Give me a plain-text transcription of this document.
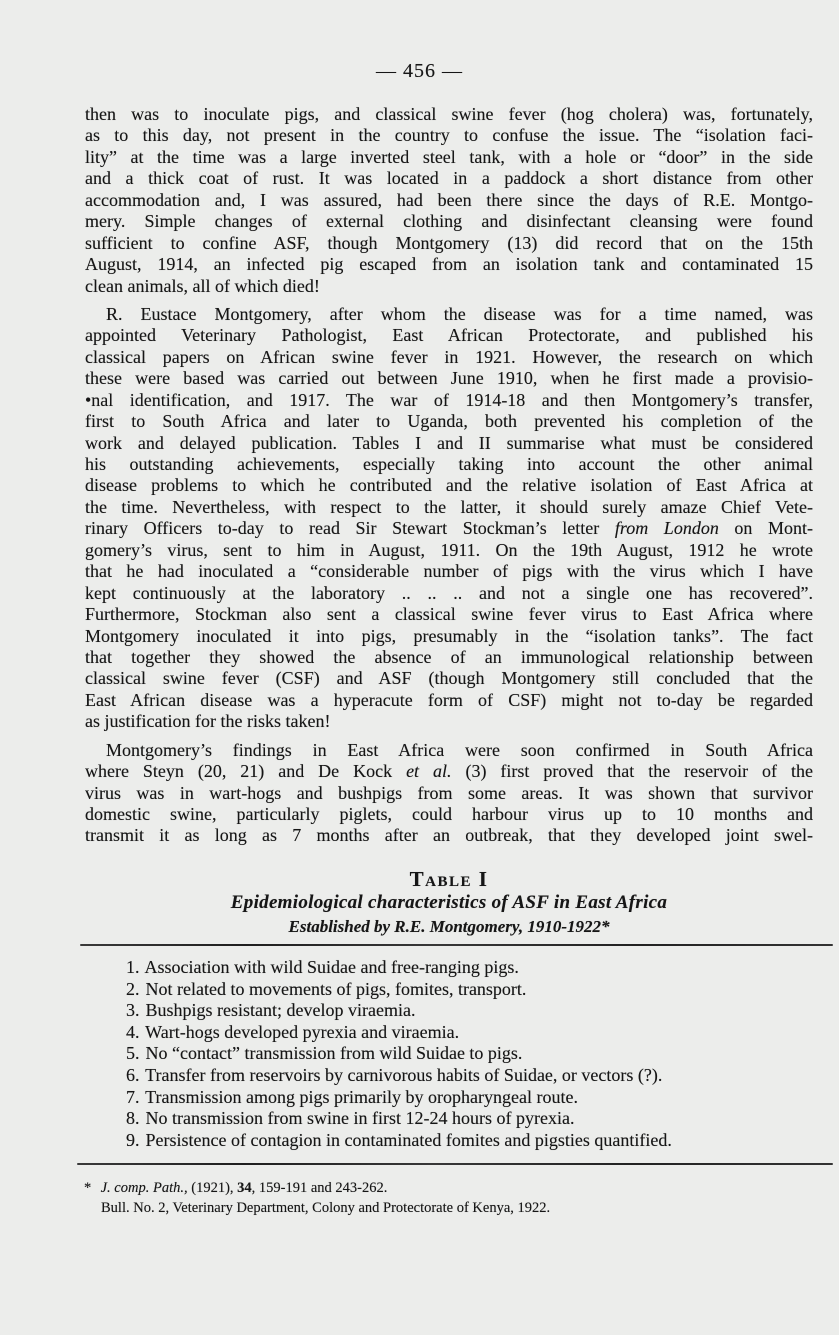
— 456 —
then was to inoculate pigs, and classical swine fever (hog cholera) was, fortunately,
as to this day, not present in the country to confuse the issue. The “isolation faci-
lity” at the time was a large inverted steel tank, with a hole or “door” in the side
and a thick coat of rust. It was located in a paddock a short distance from other
accommodation and, I was assured, had been there since the days of R.E. Montgo-
mery. Simple changes of external clothing and disinfectant cleansing were found
sufficient to confine ASF, though Montgomery (13) did record that on the 15th
August, 1914, an infected pig escaped from an isolation tank and contaminated 15
clean animals, all of which died!
R. Eustace Montgomery, after whom the disease was for a time named, was
appointed Veterinary Pathologist, East African Protectorate, and published his
classical papers on African swine fever in 1921. However, the research on which
these were based was carried out between June 1910, when he first made a provisio-
•nal identification, and 1917. The war of 1914-18 and then Montgomery’s transfer,
first to South Africa and later to Uganda, both prevented his completion of the
work and delayed publication. Tables I and II summarise what must be considered
his outstanding achievements, especially taking into account the other animal
disease problems to which he contributed and the relative isolation of East Africa at
the time. Nevertheless, with respect to the latter, it should surely amaze Chief Vete-
rinary Officers to-day to read Sir Stewart Stockman’s letter from London on Mont-
gomery’s virus, sent to him in August, 1911. On the 19th August, 1912 he wrote
that he had inoculated a “considerable number of pigs with the virus which I have
kept continuously at the laboratory .. .. .. and not a single one has recovered”.
Furthermore, Stockman also sent a classical swine fever virus to East Africa where
Montgomery inoculated it into pigs, presumably in the “isolation tanks”. The fact
that together they showed the absence of an immunological relationship between
classical swine fever (CSF) and ASF (though Montgomery still concluded that the
East African disease was a hyperacute form of CSF) might not to-day be regarded
as justification for the risks taken!
Montgomery’s findings in East Africa were soon confirmed in South Africa
where Steyn (20, 21) and De Kock et al. (3) first proved that the reservoir of the
virus was in wart-hogs and bushpigs from some areas. It was shown that survivor
domestic swine, particularly piglets, could harbour virus up to 10 months and
transmit it as long as 7 months after an outbreak, that they developed joint swel-
Table I
Epidemiological characteristics of ASF in East Africa
Established by R.E. Montgomery, 1910-1922*
1. Association with wild Suidae and free-ranging pigs.
2. Not related to movements of pigs, fomites, transport.
3. Bushpigs resistant; develop viraemia.
4. Wart-hogs developed pyrexia and viraemia.
5. No “contact” transmission from wild Suidae to pigs.
6. Transfer from reservoirs by carnivorous habits of Suidae, or vectors (?).
7. Transmission among pigs primarily by oropharyngeal route.
8. No transmission from swine in first 12-24 hours of pyrexia.
9. Persistence of contagion in contaminated fomites and pigsties quantified.
* J. comp. Path., (1921), 34, 159-191 and 243-262.
Bull. No. 2, Veterinary Department, Colony and Protectorate of Kenya, 1922.
